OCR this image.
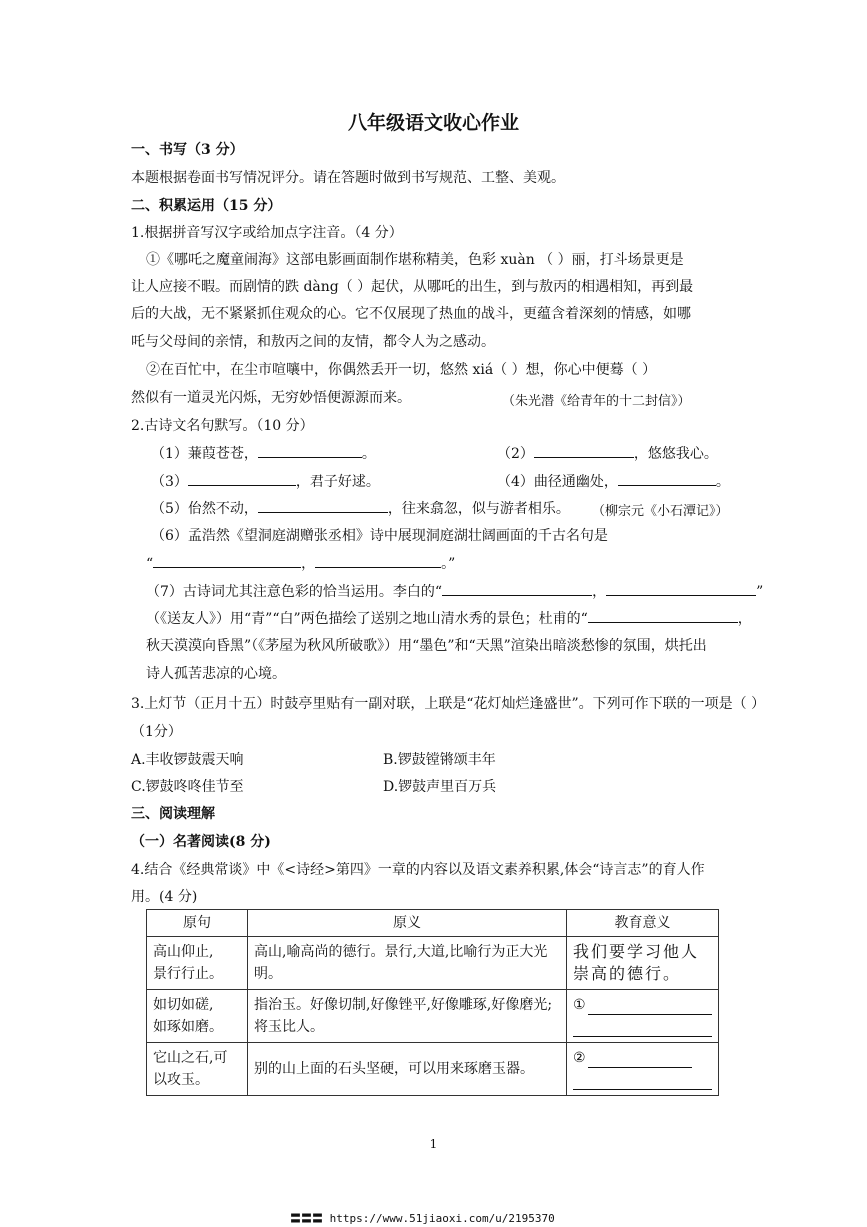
八年级语文收心作业
一、书写（3 分）
本题根据卷面书写情况评分。请在答题时做到书写规范、工整、美观。
二、积累运用（15 分）
1.根据拼音写汉字或给加点字注音。（4 分）
①《哪吒之魔童闹海》这部电影画面制作堪称精美，色彩 xuàn （ ）丽，打斗场景更是
让人应接不暇。而剧情的跌 dàng（ ）起伏，从哪吒的出生，到与敖丙的相遇相知，再到最
后的大战，无不紧紧抓住观众的心。它不仅展现了热血的战斗，更蕴含着深刻的情感，如哪
吒与父母间的亲情，和敖丙之间的友情，都令人为之感动。
②在百忙中，在尘市喧嚷中，你偶然丢开一切，悠然 xiá（ ）想，你心中便蓦（ ）
然似有一道灵光闪烁，无穷妙悟便源源而来。	（朱光潜《给青年的十二封信》）
2.古诗文名句默写。（10 分）
（1）蒹葭苍苍，	。	（2）	，悠悠我心。
（3）	，君子好逑。	（4）曲径通幽处，	。
（5）佁然不动，	，往来翕忽，似与游者相乐。 （柳宗元《小石潭记》）
（6）孟浩然《望洞庭湖赠张丞相》诗中展现洞庭湖壮阔画面的千古名句是
“	，	。”
（7）古诗词尤其注意色彩的恰当运用。李白的“	，	”
（《送友人》）用“青”“白”两色描绘了送别之地山清水秀的景色；杜甫的“	，
秋天漠漠向昏黑”（《茅屋为秋风所破歌》）用“墨色”和“天黑”渲染出暗淡愁惨的氛围，烘托出
诗人孤苦悲凉的心境。
3.上灯节（正月十五）时鼓亭里贴有一副对联，上联是“花灯灿烂逢盛世”。下列可作下联的一项是（ ）
（1分）
A.丰收锣鼓震天响	B.锣鼓镗锵颂丰年
C.锣鼓咚咚佳节至	D.锣鼓声里百万兵
三、阅读理解
（一）名著阅读(8 分)
4.结合《经典常谈》中《<诗经>第四》一章的内容以及语文素养积累,体会“诗言志”的育人作
用。(4 分)
原句	原义	教育意义

高山仰止,
景行行止。	高山,喻高尚的德行。景行,大道,比喻行为正大光明。	我们要学习他人崇高的德行。

如切如磋,
如琢如磨。	指治玉。好像切制,好像锉平,好像雕琢,好像磨光;将玉比人。	①

它山之石,可
以攻玉。	别的山上面的石头坚硬，可以用来琢磨玉器。	②
1
〓〓〓 https://www.51jiaoxi.com/u/2195370
